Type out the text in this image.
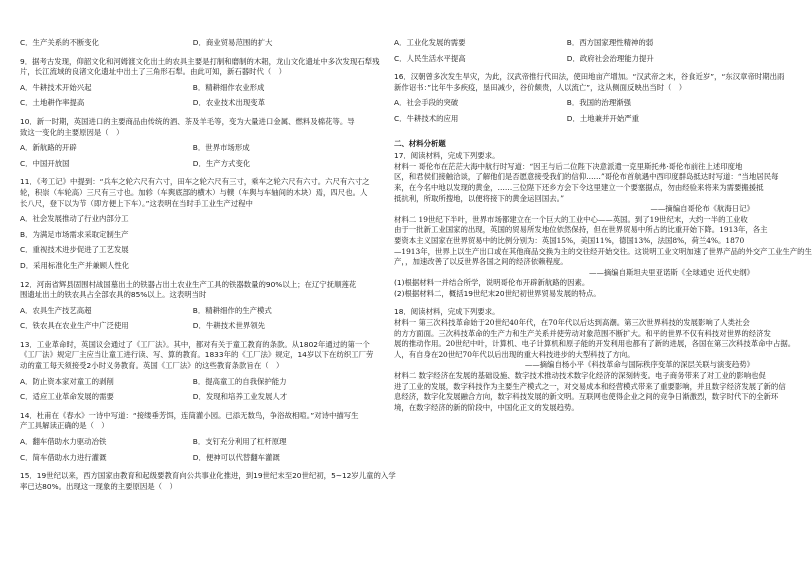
C．生产关系的不断变化	D．商业贸易范围的扩大
9．据考古发现，仰韶文化和河姆渡文化出土的农具主要是打制和磨制的木耜，龙山文化遗址中多次发现石犁残
片，长江流域的良渚文化遗址中出土了三角形石犁。由此可知，新石器时代（　）
A．牛耕技术开始兴起	B．精耕细作农业形成
C．土地耕作率提高	D．农业技术出现变革
10．新一时期，英国进口的主要商品由传统的酒、茶及羊毛等，变为大量进口金属、燃料及棉花等。导
致这一变化的主要原因是（　）
A．新航路的开辟	B．世界市场形成
C．中国开放国	D．生产方式变化
11．《考工记》中提到：“兵车之轮六尺有六寸，田车之轮六尺有三寸，乘车之轮六尺有六寸。六尺有六寸之
轮，积崇（车轮高）三尺有三寸也。加轸（车舆底部的横木）与轐（车舆与车轴间的木块）焉，四尺也。人
长八尺，登下以为节（即方便上下车）。”这表明在当时手工业生产过程中
A．社会发展推动了行业内部分工
B．为满足市场需求采取定制生产
C．重视技术进步促进了工艺发展
D．采用标准化生产并兼顾人性化
12．河南省辉县固围村战国墓出土的铁器占出土农业生产工具的铁器数量的90%以上；在辽宁抚顺莲花
围遗址出土的铁农具占全部农具的85%以上。这表明当时
A．农具生产技艺高超	B．精耕细作的生产模式
C．铁农具在农业生产中广泛使用	D．牛耕技术世界领先
13．工业革命时，英国议会通过了《工厂法》。其中，都对有关于童工教育的条款。从1802年通过的第一个
《工厂法》规定厂主应当让童工进行读、写、算的教育。1833年的《工厂法》规定，14岁以下在纺织工厂劳
动的童工每天须接受2小时义务教育。英国《工厂法》的这些教育条款旨在（　）
A．防止资本家对童工的剥削	B．提高童工的自我保护能力
C．适应工业革命发展的需要	D．发现和培养工业发展人才
14．杜甫在《春水》一诗中写道：“接缕垂芳饵，连筒灌小园。已添无数鸟，争浴故相喧。”对诗中描写生
产工具解读正确的是（　）
A．翻车借助水力驱动冶铁	B．支钉充分利用了杠杆原理
C．简车借助水力进行灌溉	D．便神可以代替翻车灌溉
15．19世纪以来，西方国家由教育和起级要教育向公共事业化推进，到19世纪末至20世纪初，5~12岁儿童的入学
率已达80%。出现这一现象的主要原因是（　）
A．工业化发展的需要	B．西方国家理性精神的弱
C．人民生活水平提高	D．政府社会治理能力提升
16．汉朝曾多次发生旱灾，为此，汉武帝推行代田法，使田地亩产增加。“汉武帝之末，谷食近岁”，“东汉章帝时期出雨
新作诏书：”比年牛多疾疫，垦田减少，谷价颇贵，人以流亡”，这从侧面反映出当时（　）
A．社会手段的突破	B．我国的治理渐强
C．牛耕技术的应用	D．土地兼并开始严重
二、材料分析题
17．阅读材料，完成下列要求。
材料一 哥伦布在茫茫大海中航行时写道：“因王与后二位陛下决意派遣一克里斯托弗·哥伦布前往上述印度地
区，和君侯们接触洽谈，了解他们是否愿意接受我们的信仰……”哥伦布首航遇中西印度群岛抵达时写道：“当地居民每
来，在今名中地以发现的黄金，……三位陛下还乡方会下令这里建立一个要塞据点，勿由经验来将来为需要搬援抵
抵抗利，所取所搜地，以便将接下的黄金运回国去。”
——摘编自哥伦布《航海日记》
材料二 19世纪下半叶，世界市场都建立在一个巨大的工业中心——英国。到了19世纪末，大约一半的工业收
由于一批新工业国家的出现，英国的贸易所发地位依然保持，但在世界贸易中所占的比重开始下降。1913年，各主
要资本主义国家在世界贸易中的比例分别为：英国15%，美国11%，德国13%，法国8%，荷兰4%。1870
—1913年，世界上以生产出口或在其他商品交换为主的交往经开始交往。这说明工业文明加速了世界产品的外交产工业生产的生
产，，加速改善了以反世界各国之间的经济依赖程度。
——摘编自斯坦夫里亚诺斯《全球通史 近代史纲》
(1)根据材料一并结合所学，说明哥伦布开辟新航路的因素。
(2)根据材料二，概括19世纪末20世纪初世界贸易发展的特点。
18．阅读材料，完成下列要求。
材料一 第三次科技革命始于20世纪40年代，在70年代以后达到高潮。第三次世界科技的发展影响了人类社会
的方方面面。三次科技革命的生产力和生产关系并使劳动对象范围不断扩大。和平的世界不仅有科技对世界的经济发
展的推动作用。20世纪中叶，计算机、电子计算机和原子能的开发利用也都有了新的进展，各国在第三次科技革命中占据。
人，有自身在20世纪70年代以后出现的重大科技进步的大型科技了方向。
——摘编自杨小平《科技革命与国际秩序变革的深层关联与演变趋势》
材料二 数字经济在发展的基础设施、数字技术推动技术数字化经济的深刻转变。电子商务带来了对工业的影响也促
进了工业的发展，数字科技作为主要生产模式之一，对交易成本和经营模式带来了重要影响，并且数字经济发展了新的信
息经济，数字化发展融合方向，数字科技发展的新文明。互联网也使得企业之间的竞争日渐激烈，数字时代下的全新环
境，在数字经济的新的阶段中，中国化正文的发展趋势。
